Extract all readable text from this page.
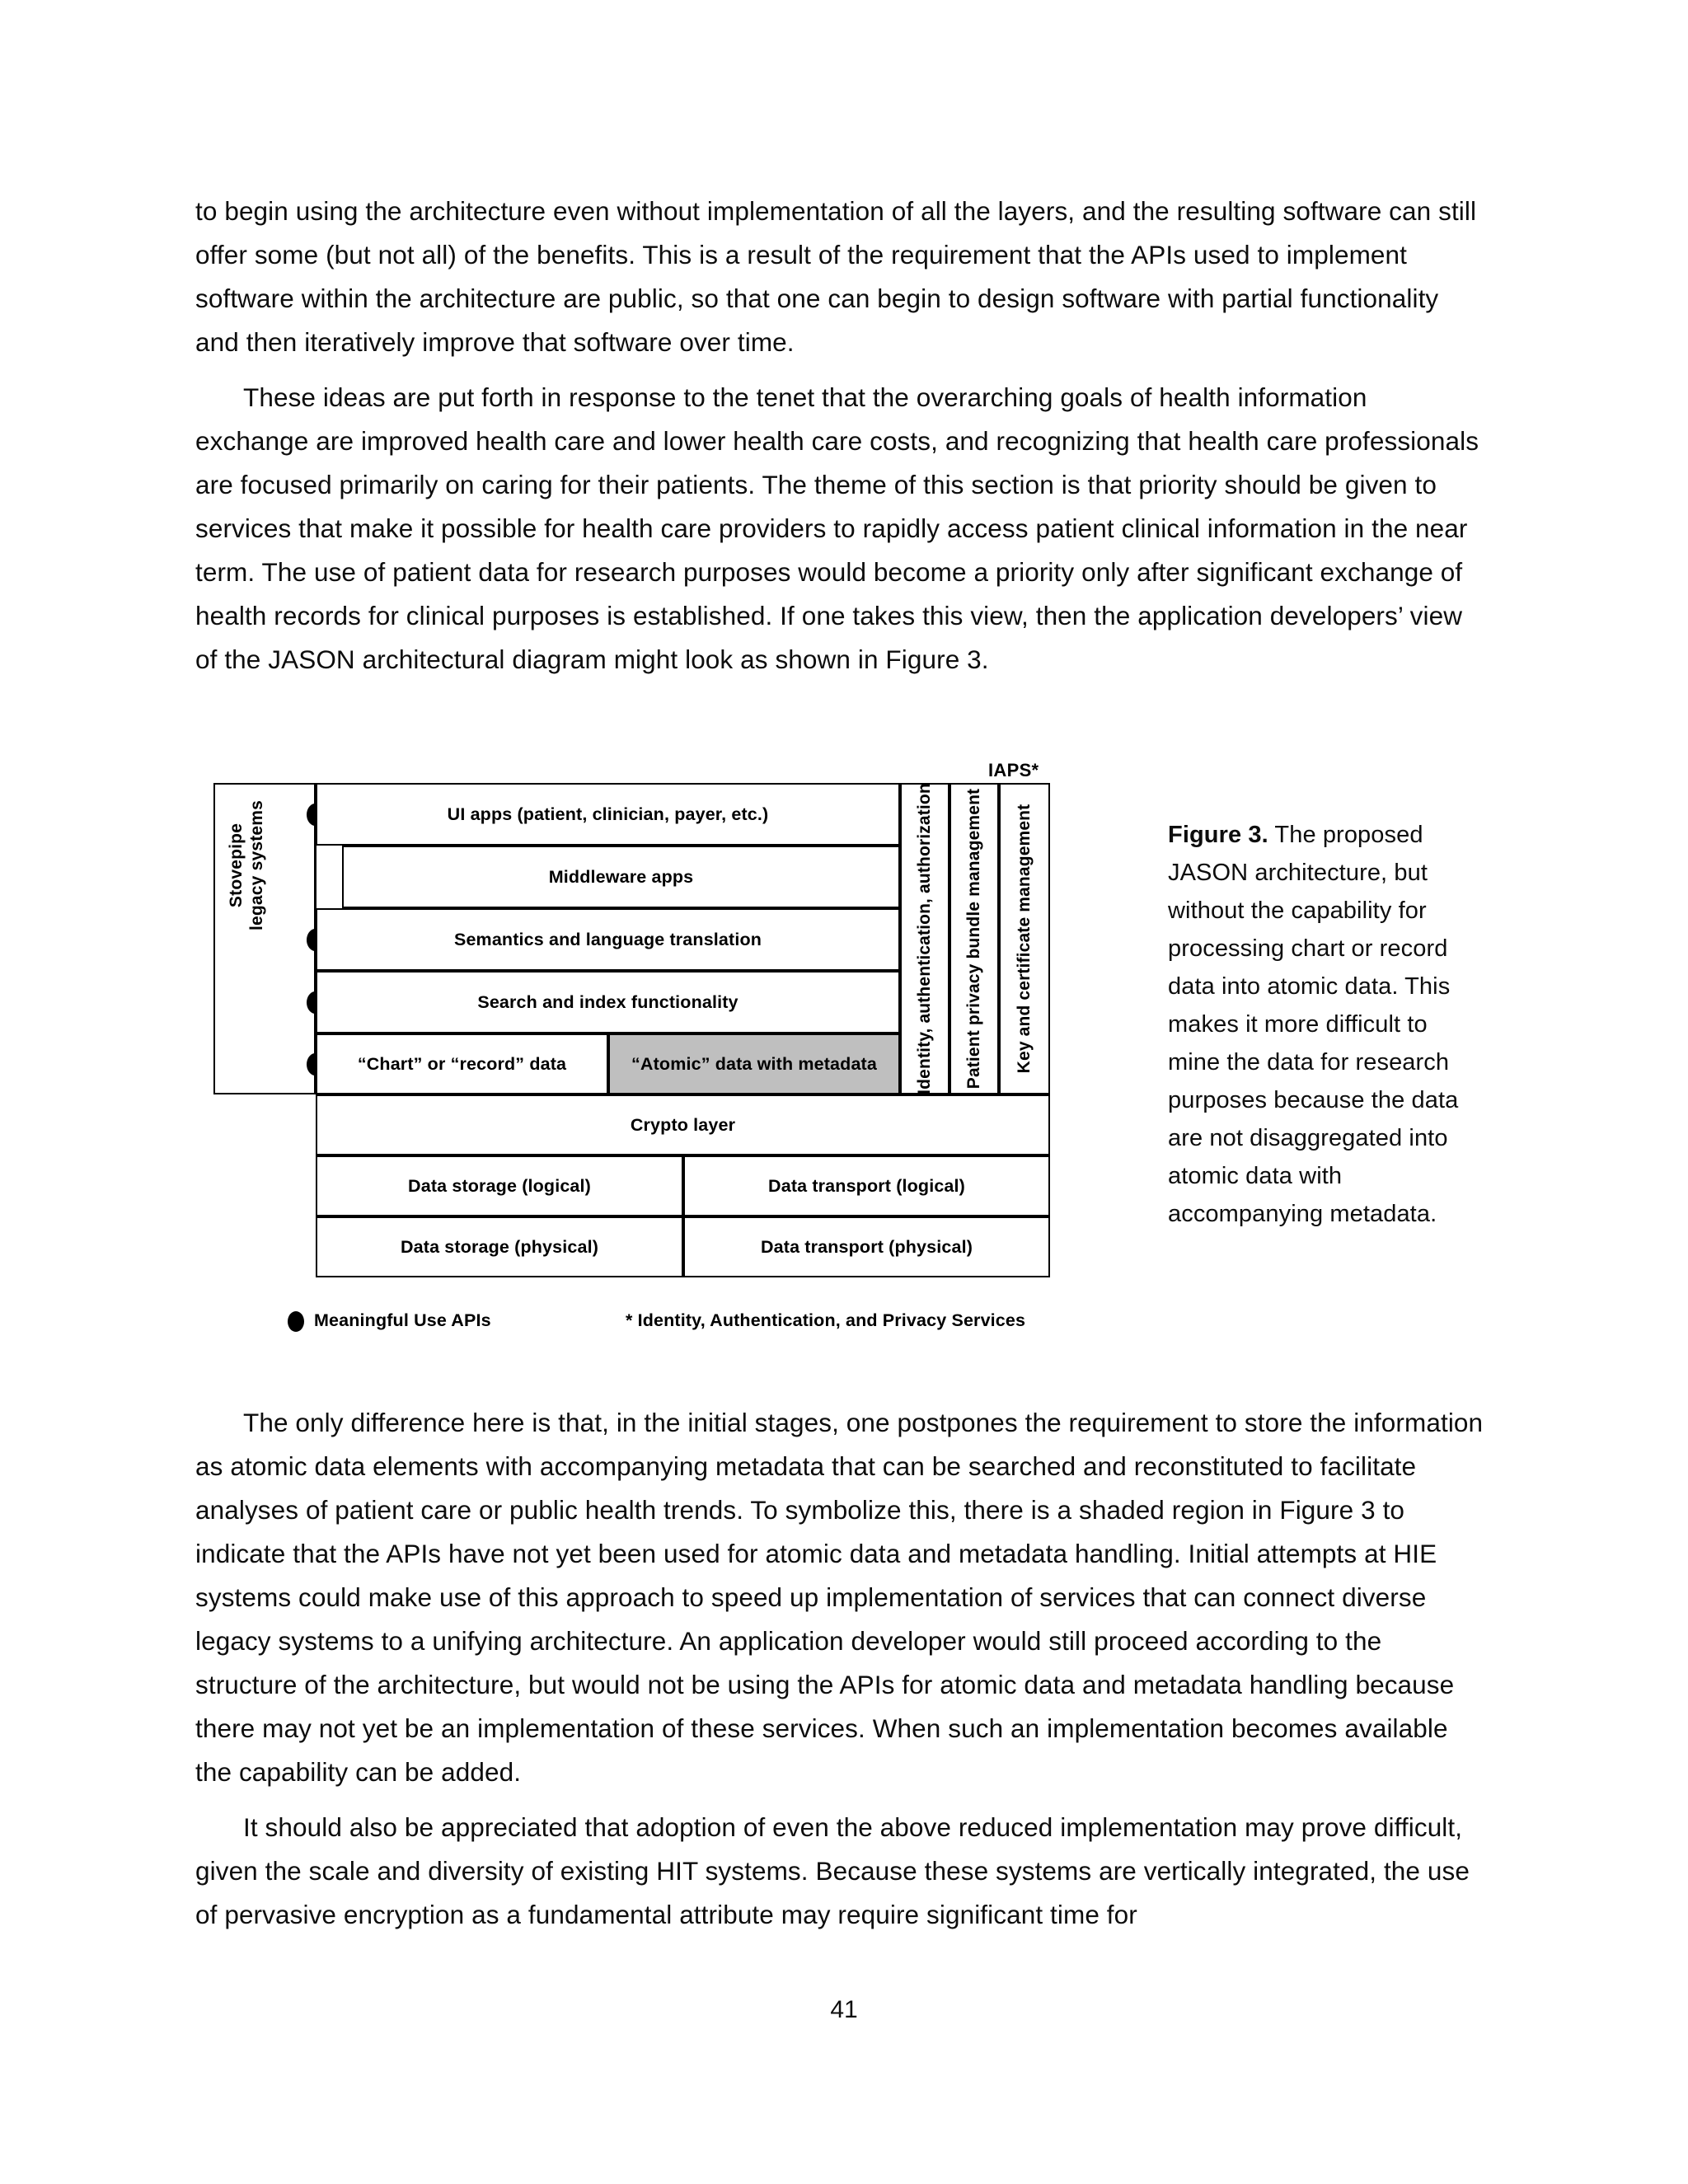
to begin using the architecture even without implementation of all the layers, and the resulting software can still offer some (but not all) of the benefits. This is a result of the requirement that the APIs used to implement software within the architecture are public, so that one can begin to design software with partial functionality and then iteratively improve that software over time.

These ideas are put forth in response to the tenet that the overarching goals of health information exchange are improved health care and lower health care costs, and recognizing that health care professionals are focused primarily on caring for their patients. The theme of this section is that priority should be given to services that make it possible for health care providers to rapidly access patient clinical information in the near term. The use of patient data for research purposes would become a priority only after significant exchange of health records for clinical purposes is established. If one takes this view, then the application developers’ view of the JASON architectural diagram might look as shown in Figure 3.

IAPS*
Stovepipe legacy systems	UI apps (patient, clinician, payer, etc.)
Middleware apps
Semantics and language translation
Search and index functionality
“Chart” or “record” data	“Atomic” data with metadata	Identity, authentication, authorization Patient privacy bundle management Key and certificate management
Crypto layer
Data storage (logical)	Data transport (logical)
Data storage (physical)	Data transport (physical)
Meaningful Use APIs	* Identity, Authentication, and Privacy Services
Figure 3. The proposed JASON architecture, but without the capability for processing chart or record data into atomic data. This makes it more difficult to mine the data for research purposes because the data are not disaggregated into atomic data with accompanying metadata.

The only difference here is that, in the initial stages, one postpones the requirement to store the information as atomic data elements with accompanying metadata that can be searched and reconstituted to facilitate analyses of patient care or public health trends. To symbolize this, there is a shaded region in Figure 3 to indicate that the APIs have not yet been used for atomic data and metadata handling. Initial attempts at HIE systems could make use of this approach to speed up implementation of services that can connect diverse legacy systems to a unifying architecture. An application developer would still proceed according to the structure of the architecture, but would not be using the APIs for atomic data and metadata handling because there may not yet be an implementation of these services. When such an implementation becomes available the capability can be added.

It should also be appreciated that adoption of even the above reduced implementation may prove difficult, given the scale and diversity of existing HIT systems. Because these systems are vertically integrated, the use of pervasive encryption as a fundamental attribute may require significant time for

41
